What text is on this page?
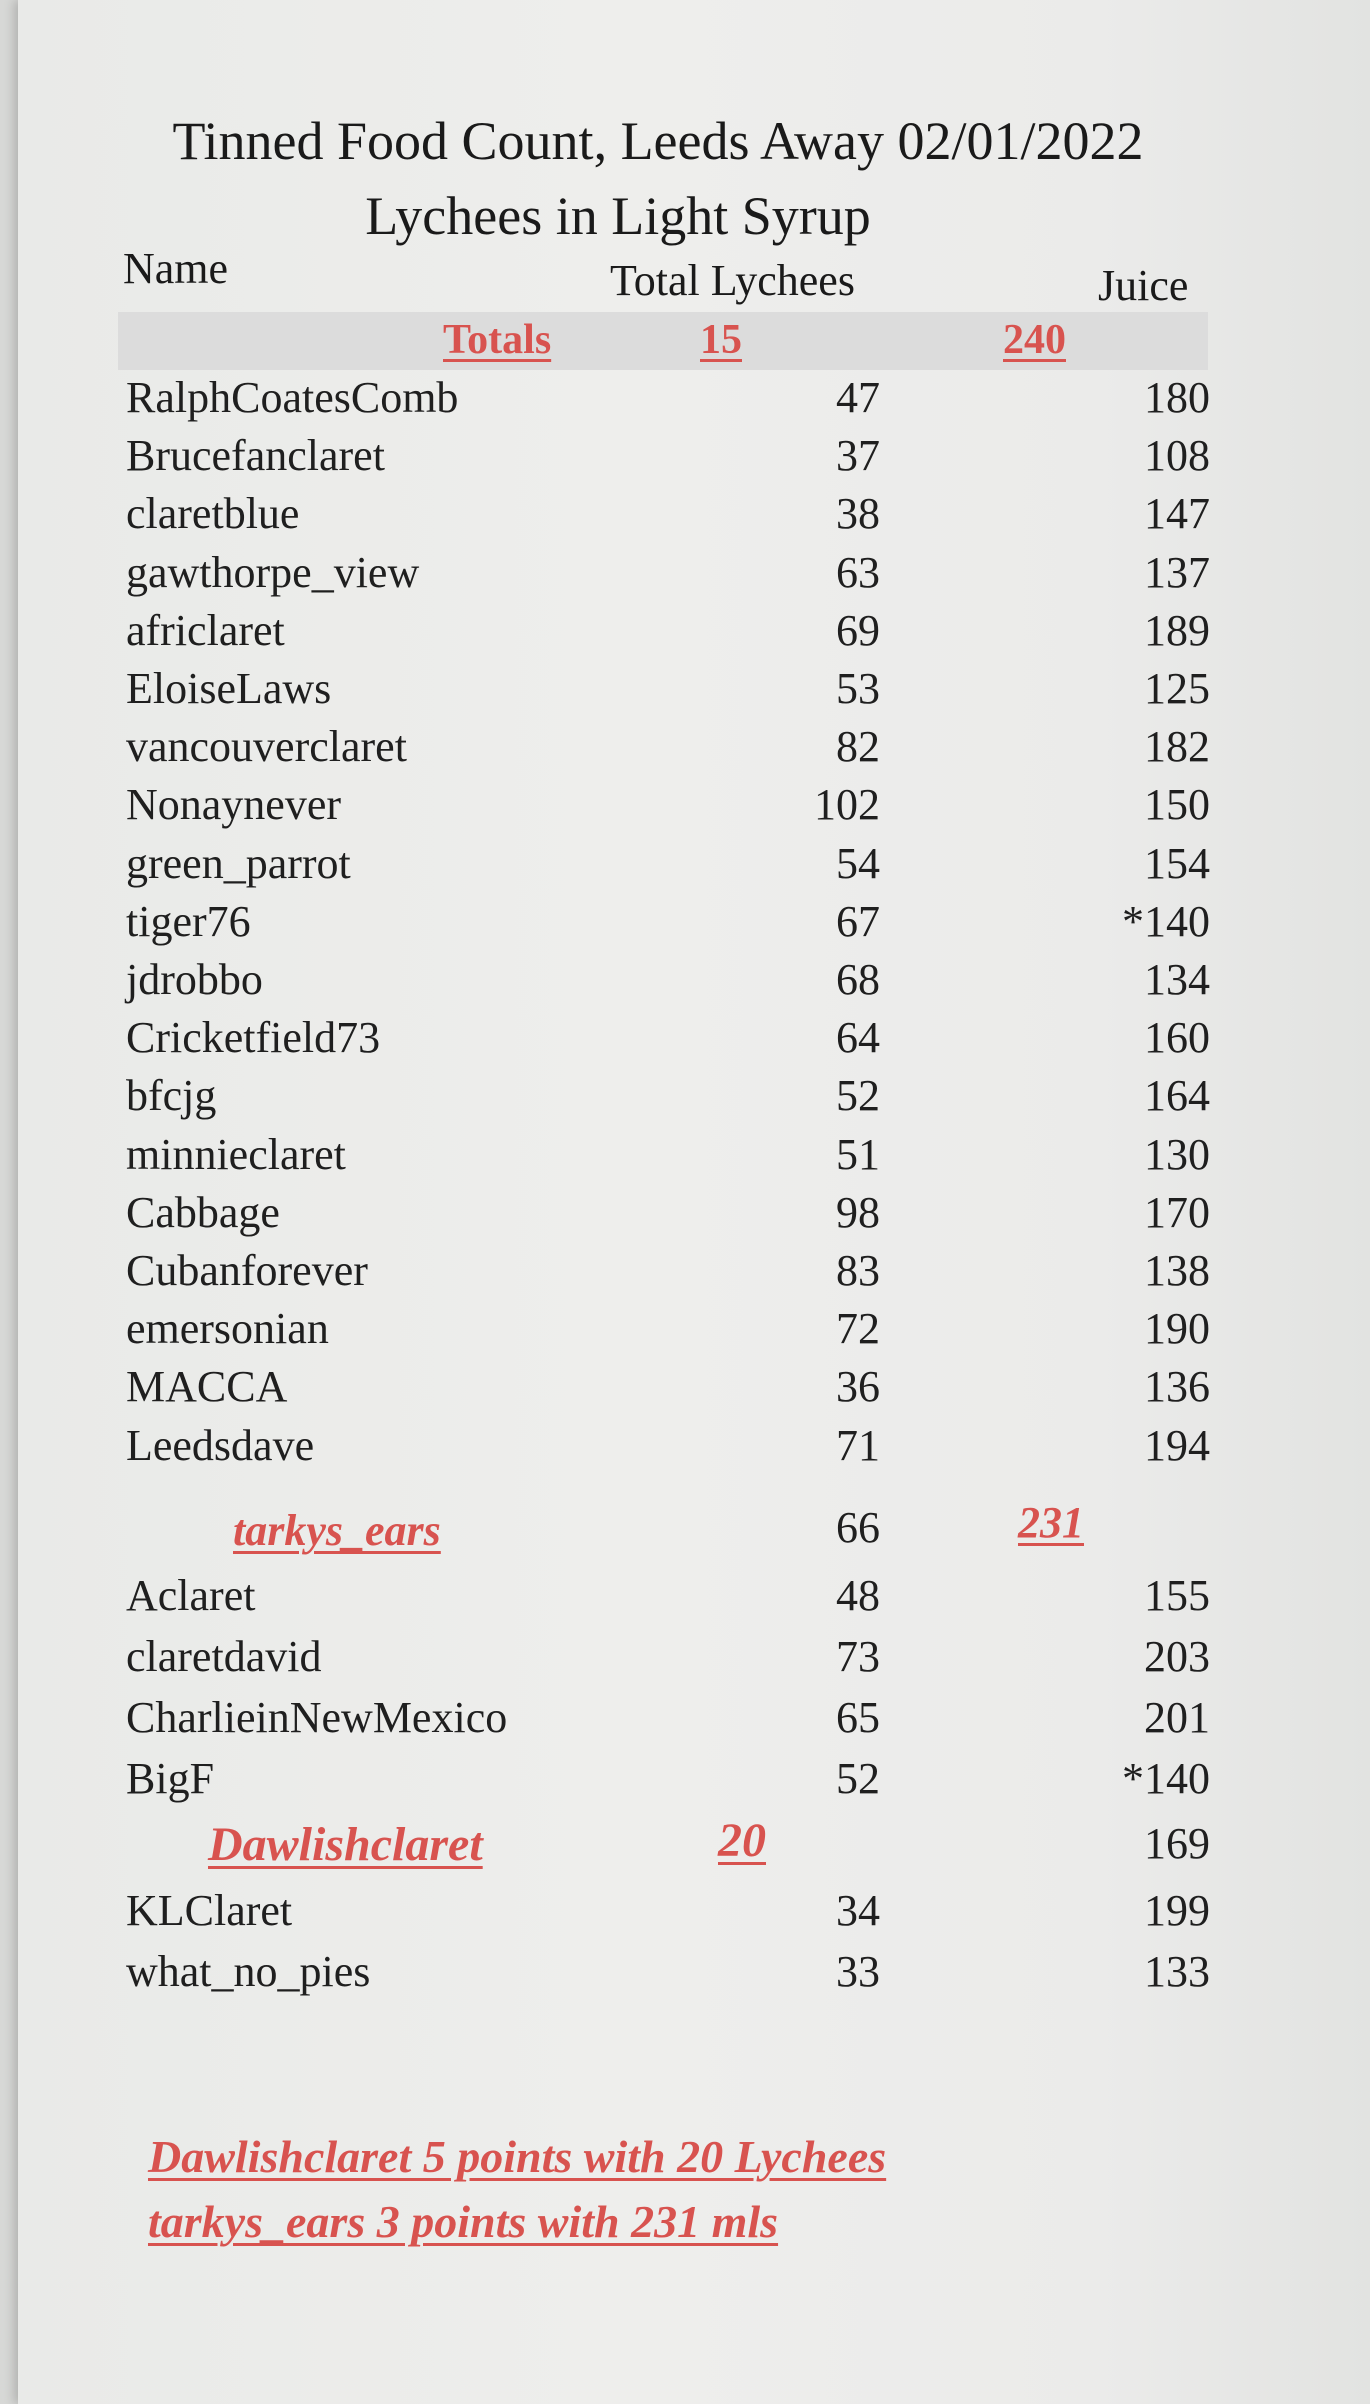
Tinned Food Count, Leeds Away 02/01/2022
Lychees in Light Syrup
Name	Total Lychees	Juice
Totals	15	240
RalphCoatesComb	47	180
Brucefanclaret	37	108
claretblue	38	147
gawthorpe_view	63	137
africlaret	69	189
EloiseLaws	53	125
vancouverclaret	82	182
Nonaynever	102	150
green_parrot	54	154
tiger76	67	*140
jdrobbo	68	134
Cricketfield73	64	160
bfcjg	52	164
minnieclaret	51	130
Cabbage	98	170
Cubanforever	83	138
emersonian	72	190
MACCA	36	136
Leedsdave	71	194
tarkys_ears	66	231
Aclaret	48	155
claretdavid	73	203
CharlieinNewMexico	65	201
BigF	52	*140
Dawlishclaret	20	169
KLClaret	34	199
what_no_pies	33	133
Dawlishclaret 5 points with 20 Lychees
tarkys_ears 3 points with 231 mls
